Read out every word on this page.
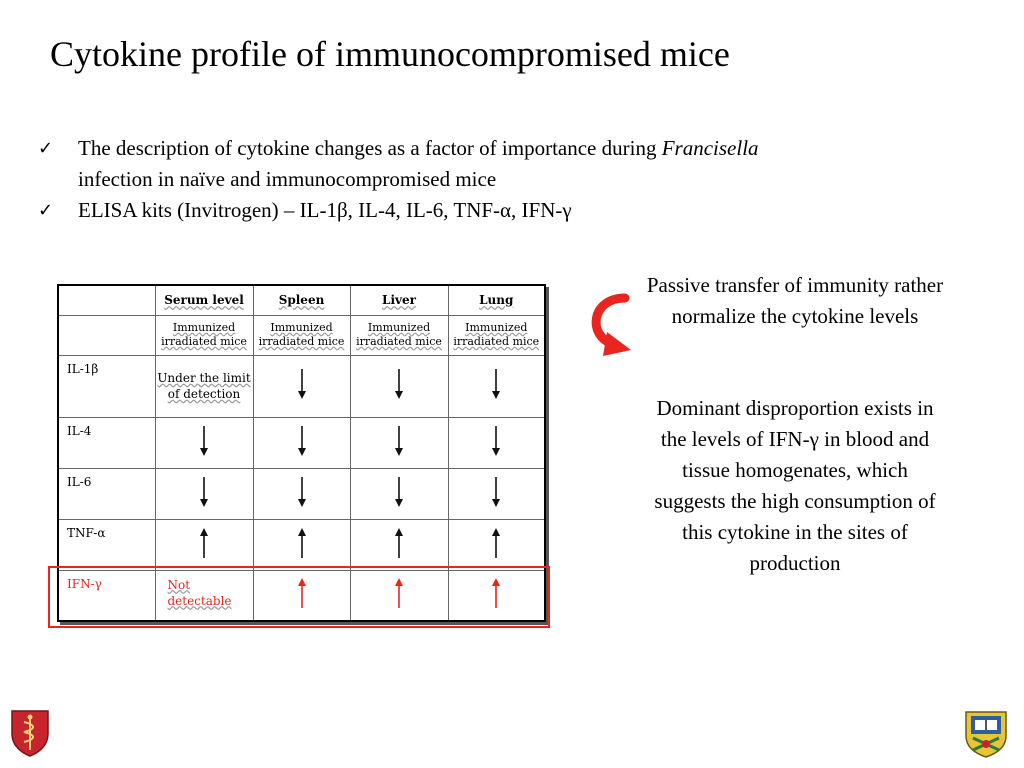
Cytokine profile of immunocompromised mice
✓ The description of cytokine changes as a factor of importance during Francisella
infection in naïve and immunocompromised mice
✓ ELISA kits (Invitrogen) – IL-1β, IL-4, IL-6, TNF-α, IFN-γ
	Serum level	Spleen	Liver	Lung
	Immunized irradiated mice	Immunized irradiated mice	Immunized irradiated mice	Immunized irradiated mice
IL-1β	Under the limit of detection			
IL-4				
IL-6				
TNF-α				
IFN-γ	Not detectable			
Passive transfer of immunity rather normalize the cytokine levels
Dominant disproportion exists in the levels of IFN-γ in blood and tissue homogenates, which suggests the high consumption of this cytokine in the sites of production
